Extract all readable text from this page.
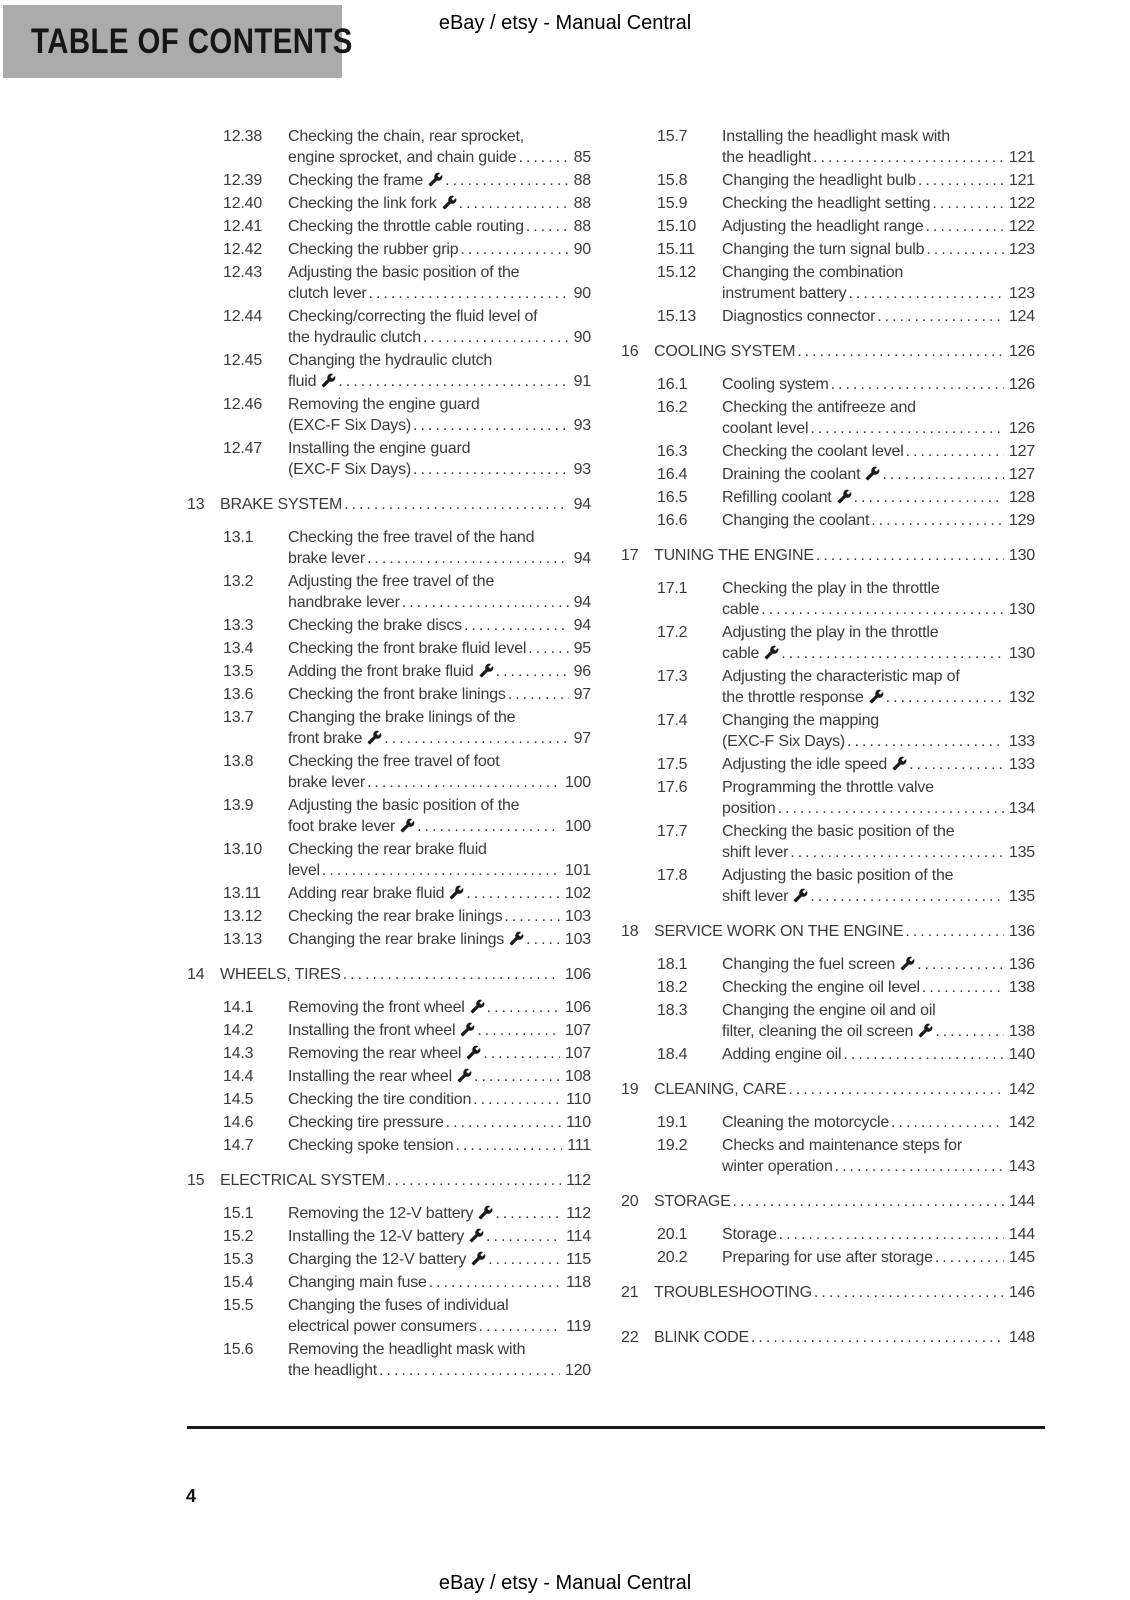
TABLE OF CONTENTS	eBay / etsy - Manual Central
12.38	Checking the chain, rear sprocket,
engine sprocket, and chain guide .....	85
12.39	Checking the frame .....	88
12.40	Checking the link fork .....	88
12.41	Checking the throttle cable routing .....	88
12.42	Checking the rubber grip .....	90
12.43	Adjusting the basic position of the
clutch lever .....	90
12.44	Checking/correcting the fluid level of
the hydraulic clutch .....	90
12.45	Changing the hydraulic clutch
fluid .....	91
12.46	Removing the engine guard
(EXC-F Six Days) .....	93
12.47	Installing the engine guard
(EXC-F Six Days) .....	93
13 BRAKE SYSTEM .....	94
13.1	Checking the free travel of the hand
brake lever .....	94
13.2	Adjusting the free travel of the
handbrake lever .....	94
13.3	Checking the brake discs .....	94
13.4	Checking the front brake fluid level .....	95
13.5	Adding the front brake fluid .....	96
13.6	Checking the front brake linings .....	97
13.7	Changing the brake linings of the
front brake .....	97
13.8	Checking the free travel of foot
brake lever .....	100
13.9	Adjusting the basic position of the
foot brake lever .....	100
13.10	Checking the rear brake fluid
level .....	101
13.11	Adding rear brake fluid .....	102
13.12	Checking the rear brake linings .....	103
13.13	Changing the rear brake linings .....	103
14 WHEELS, TIRES .....	106
14.1	Removing the front wheel .....	106
14.2	Installing the front wheel .....	107
14.3	Removing the rear wheel .....	107
14.4	Installing the rear wheel .....	108
14.5	Checking the tire condition .....	110
14.6	Checking tire pressure .....	110
14.7	Checking spoke tension .....	111
15 ELECTRICAL SYSTEM .....	112
15.1	Removing the 12-V battery .....	112
15.2	Installing the 12-V battery .....	114
15.3	Charging the 12-V battery .....	115
15.4	Changing main fuse .....	118
15.5	Changing the fuses of individual
electrical power consumers .....	119
15.6	Removing the headlight mask with
the headlight .....	120
15.7	Installing the headlight mask with
the headlight .....	121
15.8	Changing the headlight bulb .....	121
15.9	Checking the headlight setting .....	122
15.10	Adjusting the headlight range .....	122
15.11	Changing the turn signal bulb .....	123
15.12	Changing the combination
instrument battery .....	123
15.13	Diagnostics connector .....	124
16 COOLING SYSTEM .....	126
16.1	Cooling system .....	126
16.2	Checking the antifreeze and
coolant level .....	126
16.3	Checking the coolant level .....	127
16.4	Draining the coolant .....	127
16.5	Refilling coolant .....	128
16.6	Changing the coolant .....	129
17 TUNING THE ENGINE .....	130
17.1	Checking the play in the throttle
cable .....	130
17.2	Adjusting the play in the throttle
cable .....	130
17.3	Adjusting the characteristic map of
the throttle response .....	132
17.4	Changing the mapping
(EXC-F Six Days) .....	133
17.5	Adjusting the idle speed .....	133
17.6	Programming the throttle valve
position .....	134
17.7	Checking the basic position of the
shift lever .....	135
17.8	Adjusting the basic position of the
shift lever .....	135
18 SERVICE WORK ON THE ENGINE .....	136
18.1	Changing the fuel screen .....	136
18.2	Checking the engine oil level .....	138
18.3	Changing the engine oil and oil
filter, cleaning the oil screen .....	138
18.4	Adding engine oil .....	140
19 CLEANING, CARE .....	142
19.1	Cleaning the motorcycle .....	142
19.2	Checks and maintenance steps for
winter operation .....	143
20 STORAGE .....	144
20.1	Storage .....	144
20.2	Preparing for use after storage .....	145
21 TROUBLESHOOTING .....	146
22 BLINK CODE .....	148
4
eBay / etsy - Manual Central
